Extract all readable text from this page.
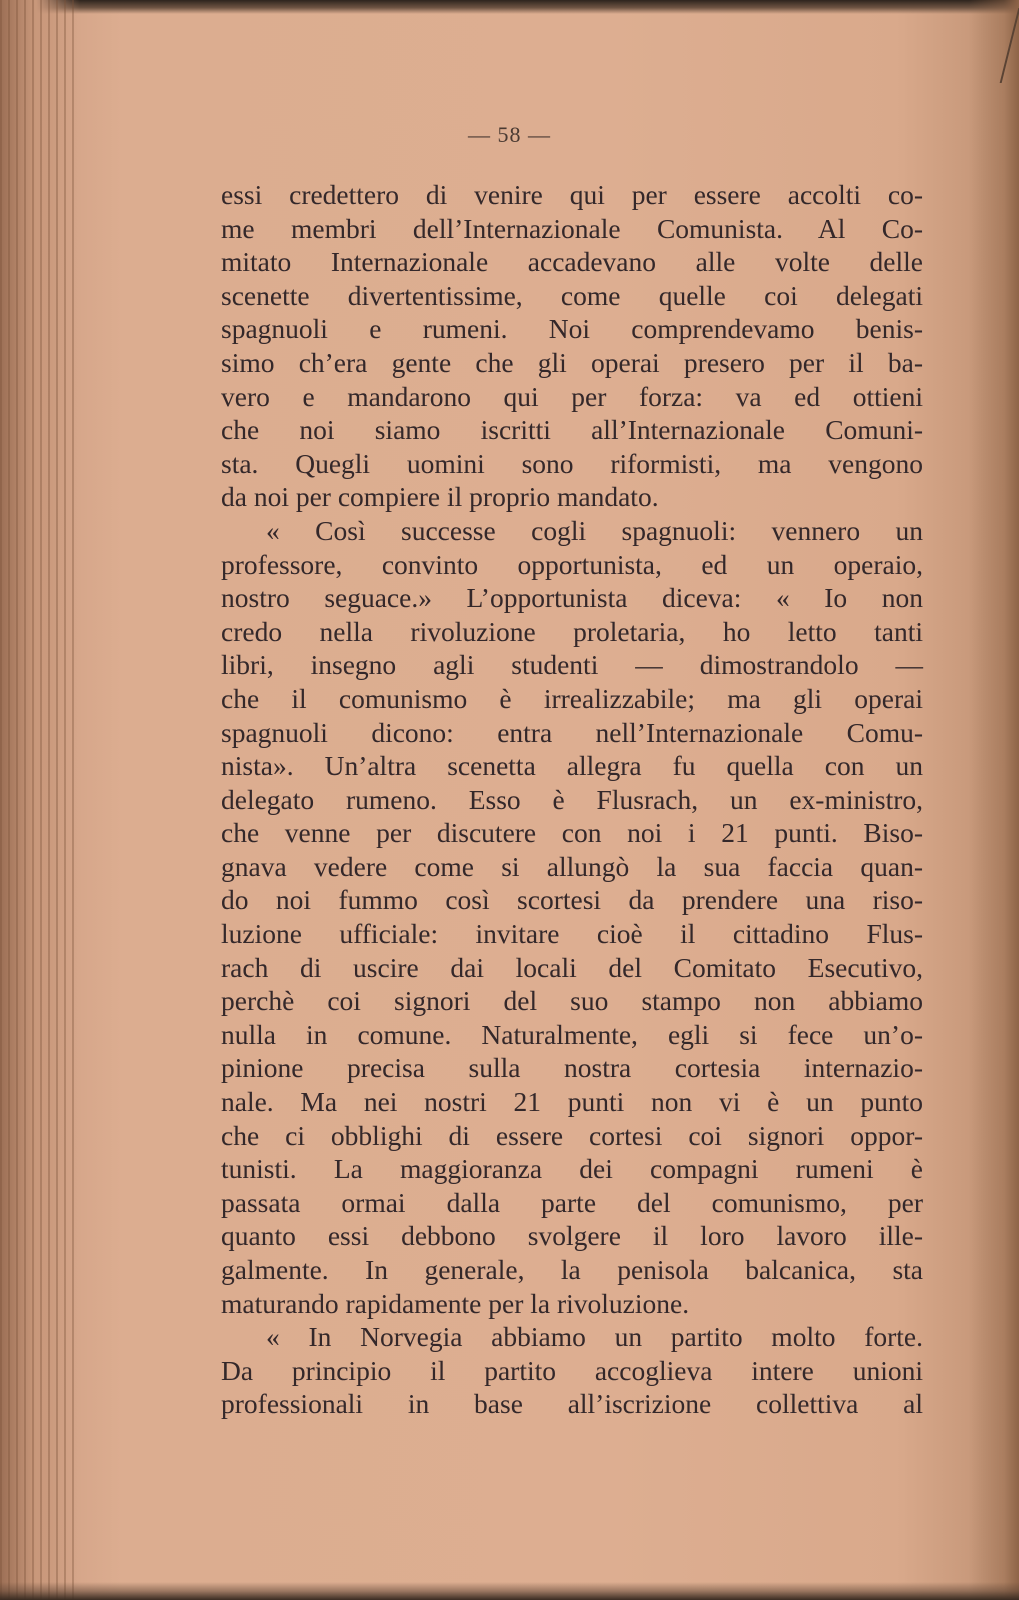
— 58 —
essi credettero di venire qui per essere accolti co-
me membri dell’Internazionale Comunista. Al Co-
mitato Internazionale accadevano alle volte delle
scenette divertentissime, come quelle coi delegati
spagnuoli e rumeni. Noi comprendevamo benis-
simo ch’era gente che gli operai presero per il ba-
vero e mandarono qui per forza: va ed ottieni
che noi siamo iscritti all’Internazionale Comuni-
sta. Quegli uomini sono riformisti, ma vengono
da noi per compiere il proprio mandato.
« Così successe cogli spagnuoli: vennero un
professore, convinto opportunista, ed un operaio,
nostro seguace.» L’opportunista diceva: « Io non
credo nella rivoluzione proletaria, ho letto tanti
libri, insegno agli studenti — dimostrandolo —
che il comunismo è irrealizzabile; ma gli operai
spagnuoli dicono: entra nell’Internazionale Comu-
nista». Un’altra scenetta allegra fu quella con un
delegato rumeno. Esso è Flusrach, un ex-ministro,
che venne per discutere con noi i 21 punti. Biso-
gnava vedere come si allungò la sua faccia quan-
do noi fummo così scortesi da prendere una riso-
luzione ufficiale: invitare cioè il cittadino Flus-
rach di uscire dai locali del Comitato Esecutivo,
perchè coi signori del suo stampo non abbiamo
nulla in comune. Naturalmente, egli si fece un’o-
pinione precisa sulla nostra cortesia internazio-
nale. Ma nei nostri 21 punti non vi è un punto
che ci obblighi di essere cortesi coi signori oppor-
tunisti. La maggioranza dei compagni rumeni è
passata ormai dalla parte del comunismo, per
quanto essi debbono svolgere il loro lavoro ille-
galmente. In generale, la penisola balcanica, sta
maturando rapidamente per la rivoluzione.
« In Norvegia abbiamo un partito molto forte.
Da principio il partito accoglieva intere unioni
professionali in base all’iscrizione collettiva al
